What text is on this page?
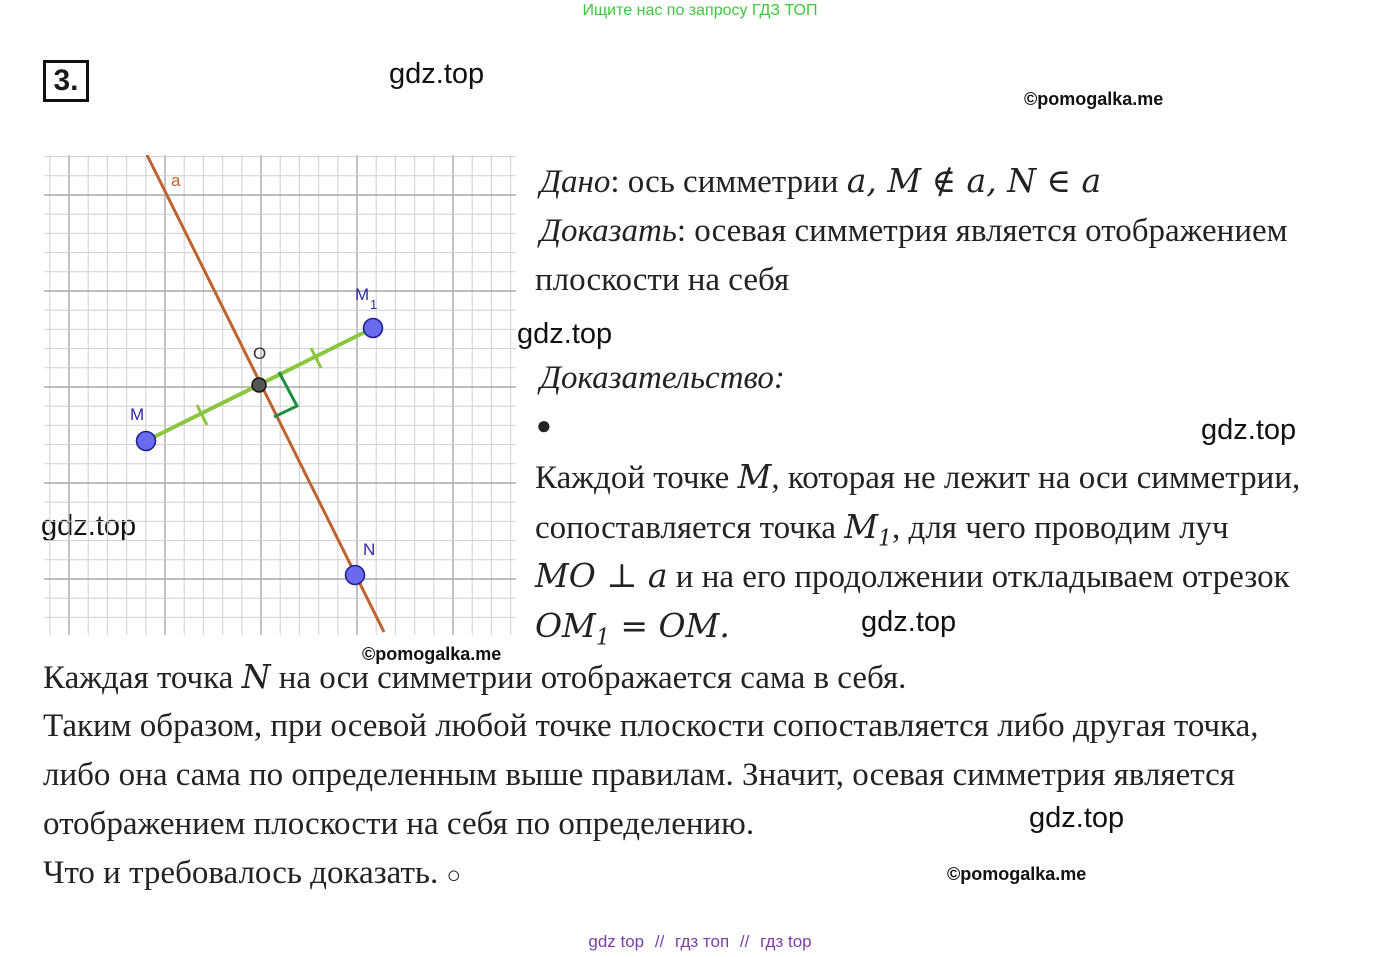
Ищите нас по запросу ГДЗ ТОП
3.	gdz.top
©pomogalka.me
gdz.top
gdz.top
gdz.top
gdz.top
©pomogalka.me
gdz.top
©pomogalka.me
a
M
M
1
O
N
Дано: ось симметрии a, M ∉ a, N ∈ a
Доказать: осевая симметрия является отображением
плоскости на себя
Доказательство:
●
Каждой точке M, которая не лежит на оси симметрии,
сопоставляется точка $M_1$, для чего проводим луч
MO ⊥ a и на его продолжении откладываем отрезок
$OM_1$ = OM.
Каждая точка N на оси симметрии отображается сама в себя.
Таким образом, при осевой любой точке плоскости сопоставляется либо другая точка,
либо она сама по определенным выше правилам. Значит, осевая симметрия является
отображением плоскости на себя по определению.
Что и требовалось доказать. ○
gdz top // гдз топ // гдз top
